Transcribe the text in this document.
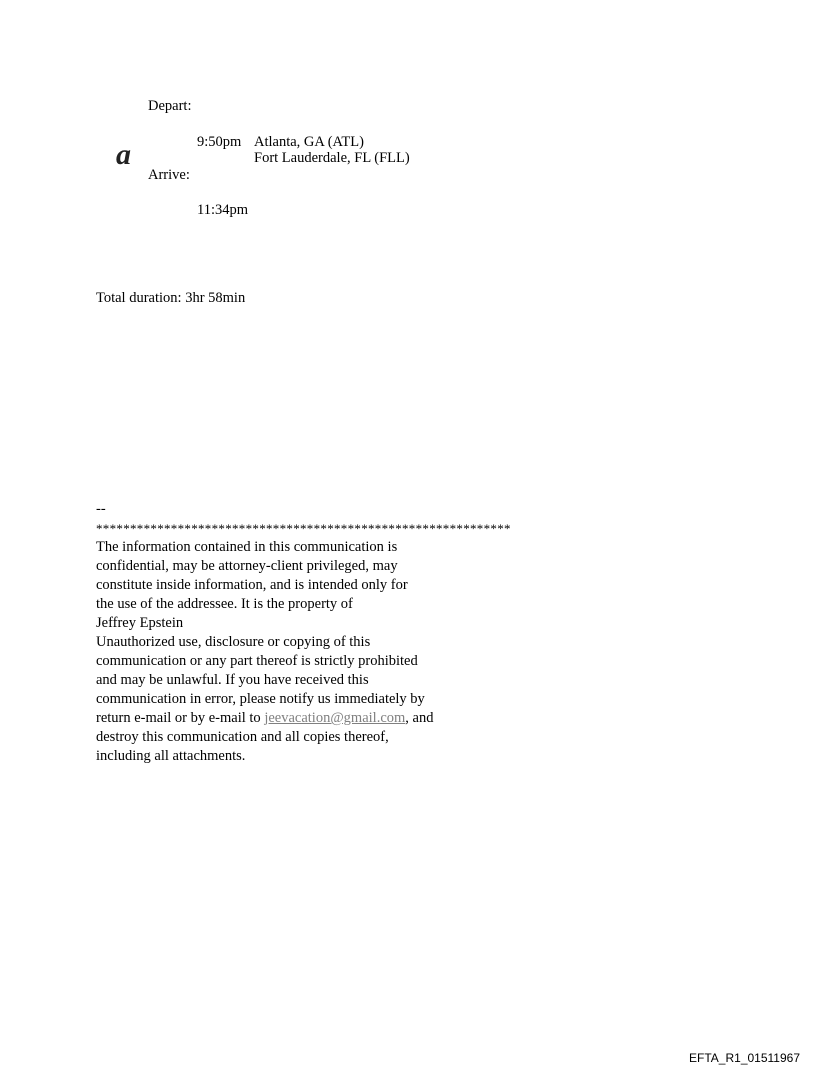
Depart:
a	9:50pm Atlanta, GA (ATL)
Fort Lauderdale, FL (FLL)
Arrive:
11:34pm
Total duration: 3hr 58min
--
*************************************************************
The information contained in this communication is
confidential, may be attorney-client privileged, may
constitute inside information, and is intended only for
the use of the addressee. It is the property of
Jeffrey Epstein
Unauthorized use, disclosure or copying of this
communication or any part thereof is strictly prohibited
and may be unlawful. If you have received this
communication in error, please notify us immediately by
return e-mail or by e-mail to jeevacation@gmail.com, and
destroy this communication and all copies thereof,
including all attachments.
EFTA_R1_01511967
